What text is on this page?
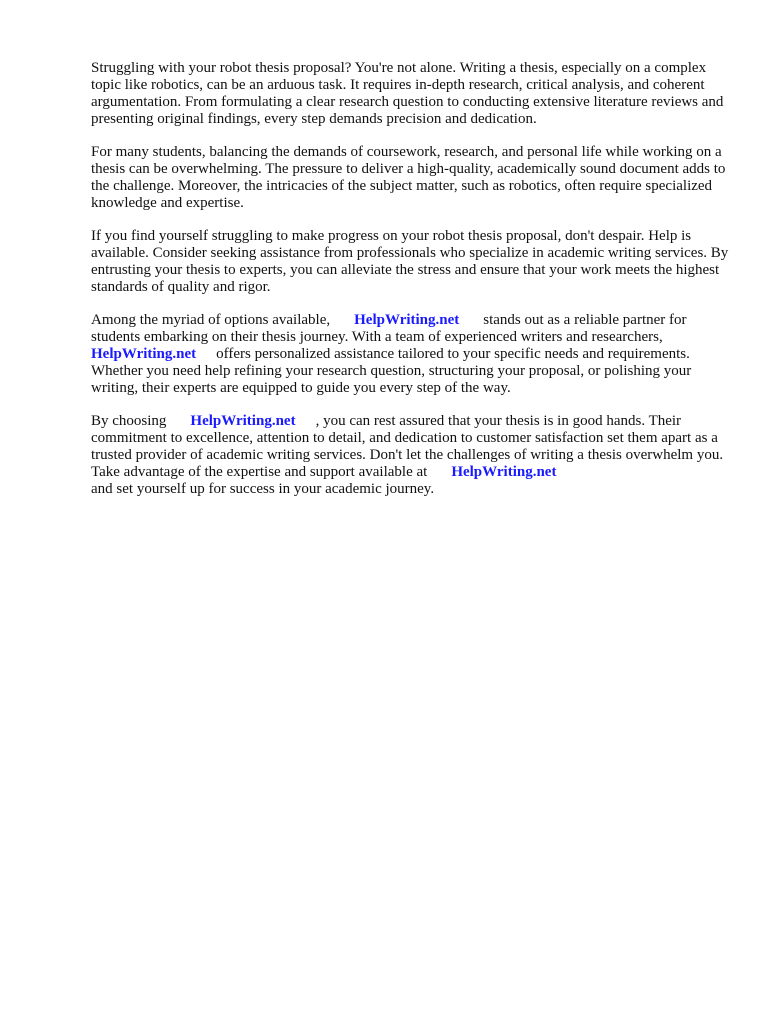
Struggling with your robot thesis proposal? You're not alone. Writing a thesis, especially on a complex topic like robotics, can be an arduous task. It requires in-depth research, critical analysis, and coherent argumentation. From formulating a clear research question to conducting extensive literature reviews and presenting original findings, every step demands precision and dedication.

For many students, balancing the demands of coursework, research, and personal life while working on a thesis can be overwhelming. The pressure to deliver a high-quality, academically sound document adds to the challenge. Moreover, the intricacies of the subject matter, such as robotics, often require specialized knowledge and expertise.

If you find yourself struggling to make progress on your robot thesis proposal, don't despair. Help is available. Consider seeking assistance from professionals who specialize in academic writing services. By entrusting your thesis to experts, you can alleviate the stress and ensure that your work meets the highest standards of quality and rigor.

Among the myriad of options available, HelpWriting.net stands out as a reliable partner for students embarking on their thesis journey. With a team of experienced writers and researchers,
HelpWriting.net offers personalized assistance tailored to your specific needs and requirements. Whether you need help refining your research question, structuring your proposal, or polishing your writing, their experts are equipped to guide you every step of the way.

By choosing HelpWriting.net , you can rest assured that your thesis is in good hands. Their commitment to excellence, attention to detail, and dedication to customer satisfaction set them apart as a trusted provider of academic writing services. Don't let the challenges of writing a thesis overwhelm you. Take advantage of the expertise and support available at HelpWriting.net
and set yourself up for success in your academic journey.
